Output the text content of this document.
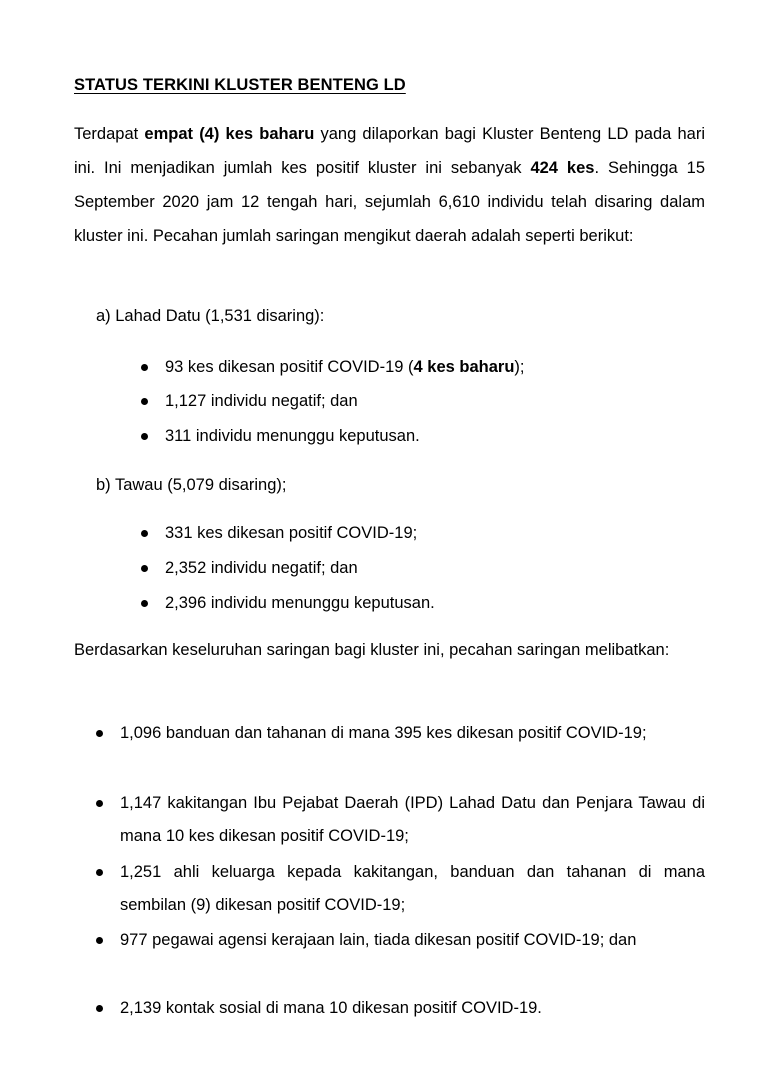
STATUS TERKINI KLUSTER BENTENG LD
Terdapat empat (4) kes baharu yang dilaporkan bagi Kluster Benteng LD pada hari ini. Ini menjadikan jumlah kes positif kluster ini sebanyak 424 kes. Sehingga 15 September 2020 jam 12 tengah hari, sejumlah 6,610 individu telah disaring dalam kluster ini. Pecahan jumlah saringan mengikut daerah adalah seperti berikut:
a) Lahad Datu (1,531 disaring):
93 kes dikesan positif COVID-19 (4 kes baharu);
1,127 individu negatif; dan
311 individu menunggu keputusan.
b) Tawau (5,079 disaring);
331 kes dikesan positif COVID-19;
2,352 individu negatif; dan
2,396 individu menunggu keputusan.
Berdasarkan keseluruhan saringan bagi kluster ini, pecahan saringan melibatkan:
1,096 banduan dan tahanan di mana 395 kes dikesan positif COVID-19;
1,147 kakitangan Ibu Pejabat Daerah (IPD) Lahad Datu dan Penjara Tawau di mana 10 kes dikesan positif COVID-19;
1,251 ahli keluarga kepada kakitangan, banduan dan tahanan di mana sembilan (9) dikesan positif COVID-19;
977 pegawai agensi kerajaan lain, tiada dikesan positif COVID-19; dan
2,139 kontak sosial di mana 10 dikesan positif COVID-19.
